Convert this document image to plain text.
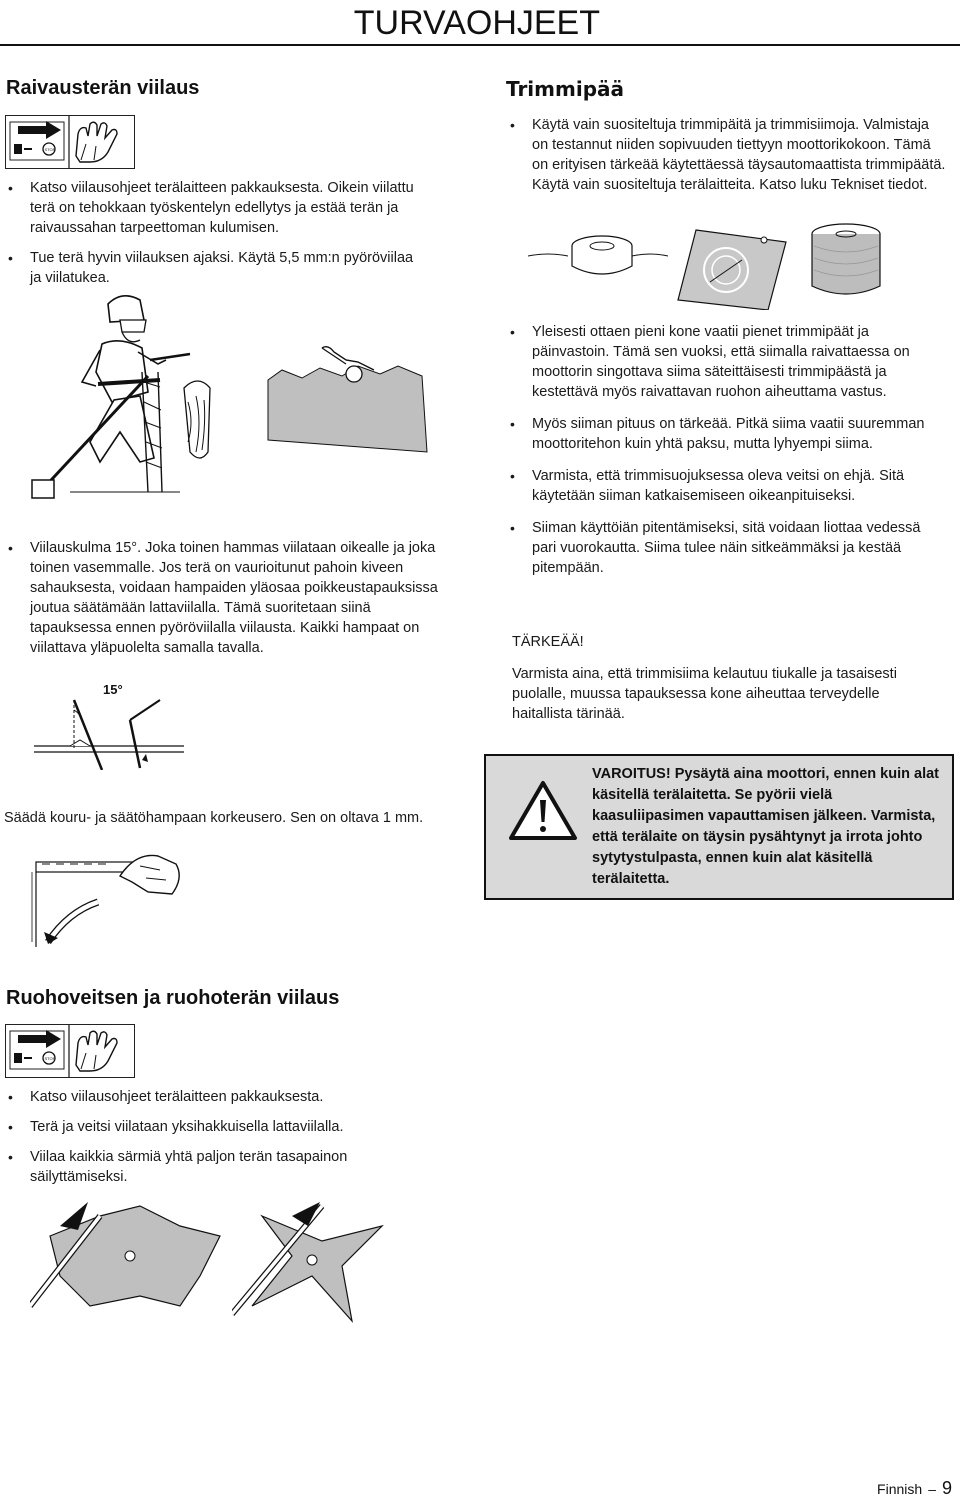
TURVAOHJEET
Raivausterän viilaus
STOP
• Katso viilausohjeet terälaitteen pakkauksesta. Oikein viilattu terä on tehokkaan työskentelyn edellytys ja estää terän ja raivaussahan tarpeettoman kulumisen.
• Tue terä hyvin viilauksen ajaksi. Käytä 5,5 mm:n pyöröviilaa ja viilatukea.
• Viilauskulma 15°. Joka toinen hammas viilataan oikealle ja joka toinen vasemmalle. Jos terä on vaurioitunut pahoin kiveen sahauksesta, voidaan hampaiden yläosaa poikkeustapauksissa joutua säätämään lattaviilalla. Tämä suoritetaan siinä tapauksessa ennen pyöröviilalla viilausta. Kaikki hampaat on viilattava yläpuolelta samalla tavalla.
15°
Säädä kouru- ja säätöhampaan korkeusero. Sen on oltava 1 mm.
Ruohoveitsen ja ruohoterän viilaus
STOP
• Katso viilausohjeet terälaitteen pakkauksesta.
• Terä ja veitsi viilataan yksihakkuisella lattaviilalla.
• Viilaa kaikkia särmiä yhtä paljon terän tasapainon säilyttämiseksi.
Trimmipää
• Käytä vain suositeltuja trimmipäitä ja trimmisiimoja. Valmistaja on testannut niiden sopivuuden tiettyyn moottorikokoon. Tämä on erityisen tärkeää käytettäessä täysautomaattista trimmipäätä. Käytä vain suositeltuja terälaitteita. Katso luku Tekniset tiedot.
• Yleisesti ottaen pieni kone vaatii pienet trimmipäät ja päinvastoin. Tämä sen vuoksi, että siimalla raivattaessa on moottorin singottava siima säteittäisesti trimmipäästä ja kestettävä myös raivattavan ruohon aiheuttama vastus.
• Myös siiman pituus on tärkeää. Pitkä siima vaatii suuremman moottoritehon kuin yhtä paksu, mutta lyhyempi siima.
• Varmista, että trimmisuojuksessa oleva veitsi on ehjä. Sitä käytetään siiman katkaisemiseen oikeanpituiseksi.
• Siiman käyttöiän pitentämiseksi, sitä voidaan liottaa vedessä pari vuorokautta. Siima tulee näin sitkeämmäksi ja kestää pitempään.
TÄRKEÄÄ!
Varmista aina, että trimmisiima kelautuu tiukalle ja tasaisesti puolalle, muussa tapauksessa kone aiheuttaa terveydelle haitallista tärinää.
VAROITUS! Pysäytä aina moottori, ennen kuin alat käsitellä terälaitetta. Se pyörii vielä kaasuliipasimen vapauttamisen jälkeen. Varmista, että terälaite on täysin pysähtynyt ja irrota johto sytytystulpasta, ennen kuin alat käsitellä terälaitetta.
Finnish – 9
